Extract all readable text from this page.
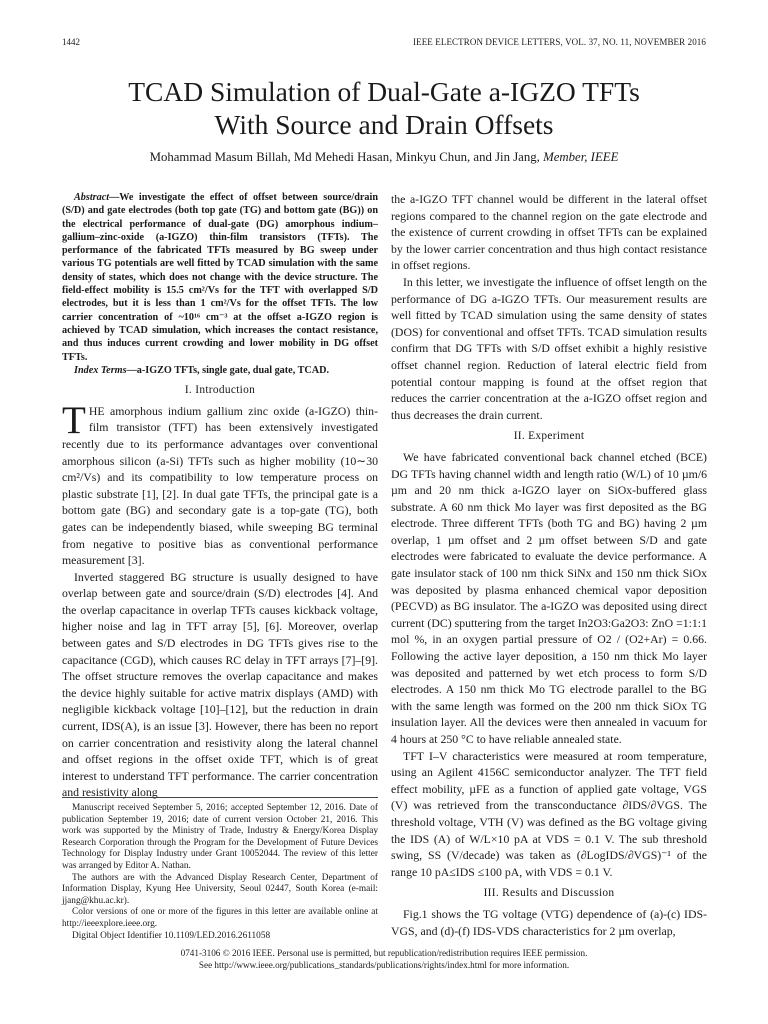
1442	IEEE ELECTRON DEVICE LETTERS, VOL. 37, NO. 11, NOVEMBER 2016
TCAD Simulation of Dual-Gate a-IGZO TFTs
With Source and Drain Offsets
Mohammad Masum Billah, Md Mehedi Hasan, Minkyu Chun, and Jin Jang, Member, IEEE

Abstract—We investigate the effect of offset between source/drain (S/D) and gate electrodes (both top gate (TG) and bottom gate (BG)) on the electrical performance of dual-gate (DG) amorphous indium–gallium–zinc-oxide (a-IGZO) thin-film transistors (TFTs). The performance of the fabricated TFTs measured by BG sweep under various TG potentials are well fitted by TCAD simulation with the same density of states, which does not change with the device structure. The field-effect mobility is 15.5 cm²/Vs for the TFT with overlapped S/D electrodes, but it is less than 1 cm²/Vs for the offset TFTs. The low carrier concentration of ~10¹⁶ cm⁻³ at the offset a-IGZO region is achieved by TCAD simulation, which increases the contact resistance, and thus induces current crowding and lower mobility in DG offset TFTs.

Index Terms—a-IGZO TFTs, single gate, dual gate, TCAD.

I. Introduction

THE amorphous indium gallium zinc oxide (a-IGZO) thin-film transistor (TFT) has been extensively investigated recently due to its performance advantages over conventional amorphous silicon (a-Si) TFTs such as higher mobility (10∼30 cm²/Vs) and its compatibility to low temperature process on plastic substrate [1], [2]. In dual gate TFTs, the principal gate is a bottom gate (BG) and secondary gate is a top-gate (TG), both gates can be independently biased, while sweeping BG terminal from negative to positive bias as conventional performance measurement [3].

Inverted staggered BG structure is usually designed to have overlap between gate and source/drain (S/D) electrodes [4]. And the overlap capacitance in overlap TFTs causes kickback voltage, higher noise and lag in TFT array [5], [6]. Moreover, overlap between gates and S/D electrodes in DG TFTs gives rise to the capacitance (CGD), which causes RC delay in TFT arrays [7]–[9]. The offset structure removes the overlap capacitance and makes the device highly suitable for active matrix displays (AMD) with negligible kickback voltage [10]–[12], but the reduction in drain current, IDS(A), is an issue [3]. However, there has been no report on carrier concentration and resistivity along the lateral channel and offset regions in the offset oxide TFT, which is of great interest to understand TFT performance. The carrier concentration and resistivity along

the a-IGZO TFT channel would be different in the lateral offset regions compared to the channel region on the gate electrode and the existence of current crowding in offset TFTs can be explained by the lower carrier concentration and thus high contact resistance in offset regions.

In this letter, we investigate the influence of offset length on the performance of DG a-IGZO TFTs. Our measurement results are well fitted by TCAD simulation using the same density of states (DOS) for conventional and offset TFTs. TCAD simulation results confirm that DG TFTs with S/D offset exhibit a highly resistive offset channel region. Reduction of lateral electric field from potential contour mapping is found at the offset region that reduces the carrier concentration at the a-IGZO offset region and thus decreases the drain current.

II. Experiment

We have fabricated conventional back channel etched (BCE) DG TFTs having channel width and length ratio (W/L) of 10 µm/6 µm and 20 nm thick a-IGZO layer on SiOx-buffered glass substrate. A 60 nm thick Mo layer was first deposited as the BG electrode. Three different TFTs (both TG and BG) having 2 µm overlap, 1 µm offset and 2 µm offset between S/D and gate electrodes were fabricated to evaluate the device performance. A gate insulator stack of 100 nm thick SiNx and 150 nm thick SiOx was deposited by plasma enhanced chemical vapor deposition (PECVD) as BG insulator. The a-IGZO was deposited using direct current (DC) sputtering from the target In2O3:Ga2O3: ZnO =1:1:1 mol %, in an oxygen partial pressure of O2 / (O2+Ar) = 0.66. Following the active layer deposition, a 150 nm thick Mo layer was deposited and patterned by wet etch process to form S/D electrodes. A 150 nm thick Mo TG electrode parallel to the BG with the same length was formed on the 200 nm thick SiOx TG insulation layer. All the devices were then annealed in vacuum for 4 hours at 250 °C to have reliable annealed state.

TFT I–V characteristics were measured at room temperature, using an Agilent 4156C semiconductor analyzer. The TFT field effect mobility, µFE as a function of applied gate voltage, VGS (V) was retrieved from the transconductance ∂IDS/∂VGS. The threshold voltage, VTH (V) was defined as the BG voltage giving the IDS (A) of W/L×10 pA at VDS = 0.1 V. The sub threshold swing, SS (V/decade) was taken as (∂LogIDS/∂VGS)⁻¹ of the range 10 pA≤IDS ≤100 pA, with VDS = 0.1 V.

III. Results and Discussion

Fig.1 shows the TG voltage (VTG) dependence of (a)-(c) IDS-VGS, and (d)-(f) IDS-VDS characteristics for 2 µm overlap,

Manuscript received September 5, 2016; accepted September 12, 2016. Date of publication September 19, 2016; date of current version October 21, 2016. This work was supported by the Ministry of Trade, Industry & Energy/Korea Display Research Corporation through the Program for the Development of Future Devices Technology for Display Industry under Grant 10052044. The review of this letter was arranged by Editor A. Nathan.
The authors are with the Advanced Display Research Center, Department of Information Display, Kyung Hee University, Seoul 02447, South Korea (e-mail: jjang@khu.ac.kr).
Color versions of one or more of the figures in this letter are available online at http://ieeexplore.ieee.org.
Digital Object Identifier 10.1109/LED.2016.2611058
0741-3106 © 2016 IEEE. Personal use is permitted, but republication/redistribution requires IEEE permission.
See http://www.ieee.org/publications_standards/publications/rights/index.html for more information.
